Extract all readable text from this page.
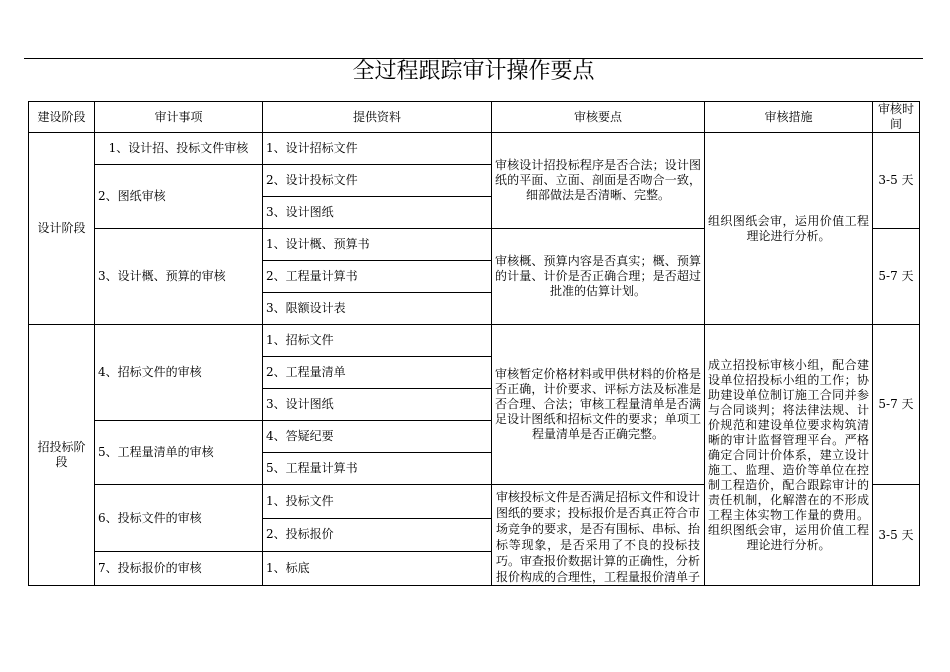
全过程跟踪审计操作要点
建设阶段	审计事项	提供资料	审核要点	审核措施	审核时间
设计阶段	1、设计招、投标文件审核	1、设计招标文件	审核设计招投标程序是否合法；设计图纸的平面、立面、剖面是否吻合一致，细部做法是否清晰、完整。	组织图纸会审，运用价值工程理论进行分析。	3-5 天
	2、图纸审核	2、设计投标文件			
		3、设计图纸			
	3、设计概、预算的审核	1、设计概、预算书	审核概、预算内容是否真实；概、预算的计量、计价是否正确合理；是否超过批准的估算计划。		5-7 天
		2、工程量计算书			
		3、限额设计表			
招投标阶段	4、招标文件的审核	1、招标文件	审核暂定价格材料或甲供材料的价格是否正确，计价要求、评标方法及标准是否合理、合法；审核工程量清单是否满足设计图纸和招标文件的要求；单项工程量清单是否正确完整。	成立招投标审核小组，配合建设单位招投标小组的工作；协助建设单位制订施工合同并参与合同谈判；将法律法规、计价规范和建设单位要求构筑清晰的审计监督管理平台。严格确定合同计价体系，建立设计施工、监理、造价等单位在控制工程造价，配合跟踪审计的责任机制，化解潜在的不形成工程主体实物工作量的费用。组织图纸会审，运用价值工程理论进行分析。	5-7 天
		2、工程量清单			
		3、设计图纸			
	5、工程量清单的审核	4、答疑纪要			
		5、工程量计算书			
	6、投标文件的审核	1、投标文件	审核投标文件是否满足招标文件和设计图纸的要求；投标报价是否真正符合市场竞争的要求，是否有围标、串标、抬标等现象，是否采用了不良的投标技巧。审查报价数据计算的正确性，分析报价构成的合理性，工程量报价清单子		3-5 天
		2、投标报价			
	7、投标报价的审核	1、标底			
